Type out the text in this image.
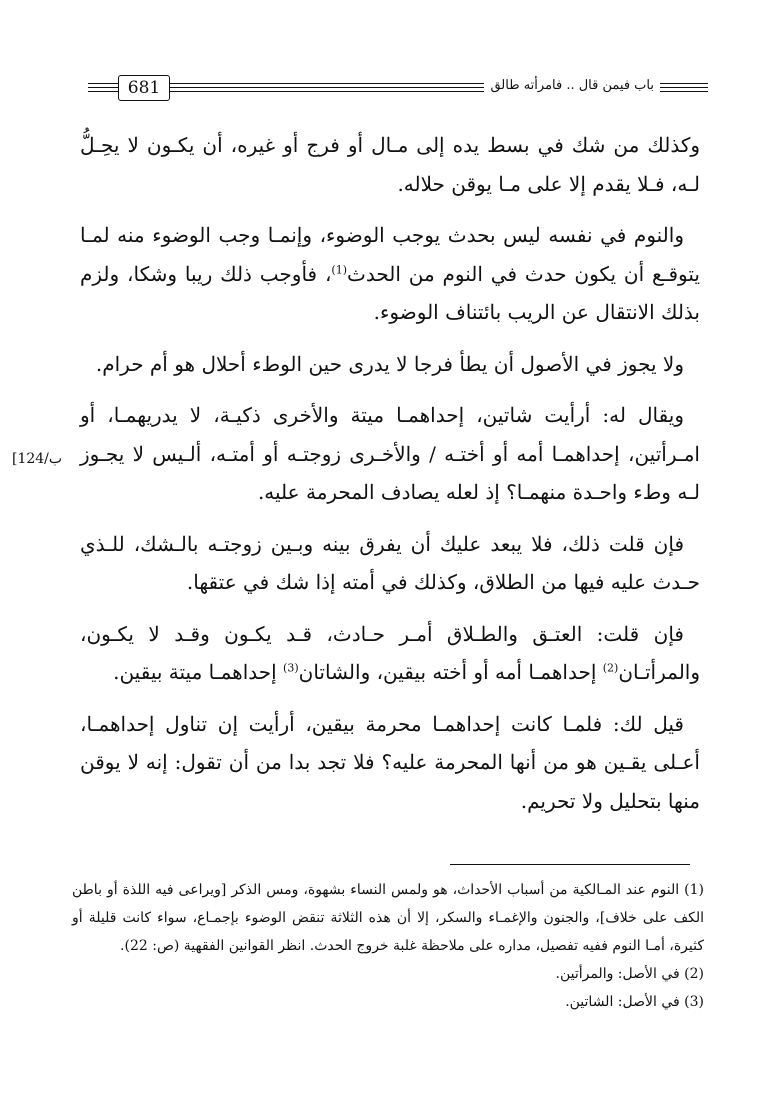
681	باب فيمن قال .. فامرأته طالق
[124/ب

وكذلك من شك في بسط يده إلى مـال أو فرج أو غيره، أن يكـون لا يحِـلُّ لـه، فـلا يقدم إلا على مـا يوقن حلاله.

والنوم في نفسه ليس بحدث يوجب الوضوء، وإنمـا وجب الوضوء منه لمـا يتوقـع أن يكون حدث في النوم من الحدث$^{(1)}$، فأوجب ذلك ريبا وشكا، ولزم بذلك الانتقال عن الريب بائتناف الوضوء.

ولا يجوز في الأصول أن يطأ فرجا لا يدرى حين الوطء أحلال هو أم حرام.

ويقال له: أرأيت شاتين، إحداهمـا ميتة والأخرى ذكيـة، لا يدريهمـا، أو امـرأتين، إحداهمـا أمه أو أختـه / والأخـرى زوجتـه أو أمتـه، ألـيس لا يجـوز لـه وطء واحـدة منهمـا؟ إذ لعله يصادف المحرمة عليه.

فإن قلت ذلك، فلا يبعد عليك أن يفرق بينه وبـين زوجتـه بالـشك، للـذي حـدث عليه فيها من الطلاق، وكذلك في أمته إذا شك في عتقها.

فإن قلت: العتـق والطـلاق أمـر حـادث، قـد يكـون وقـد لا يكـون، والمرأتـان$^{(2)}$ إحداهمـا أمه أو أخته بيقين، والشاتان$^{(3)}$ إحداهمـا ميتة بيقين.

قيل لك: فلمـا كانت إحداهمـا محرمة بيقين، أرأيت إن تناول إحداهمـا، أعـلى يقـين هو من أنها المحرمة عليه؟ فلا تجد بدا من أن تقول: إنه لا يوقن منها بتحليل ولا تحريم.

(1) النوم عند المـالكية من أسباب الأحداث، هو ولمس النساء بشهوة، ومس الذكر [ويراعى فيه اللذة أو باطن الكف على خلاف]، والجنون والإغمـاء والسكر، إلا أن هذه الثلاثة تنقض الوضوء بإجمـاع، سواء كانت قليلة أو كثيرة، أمـا النوم ففيه تفصيل، مداره على ملاحظة غلبة خروج الحدث. انظر القوانين الفقهية (ص: 22).

(2) في الأصل: والمرأتين.

(3) في الأصل: الشاتين.
